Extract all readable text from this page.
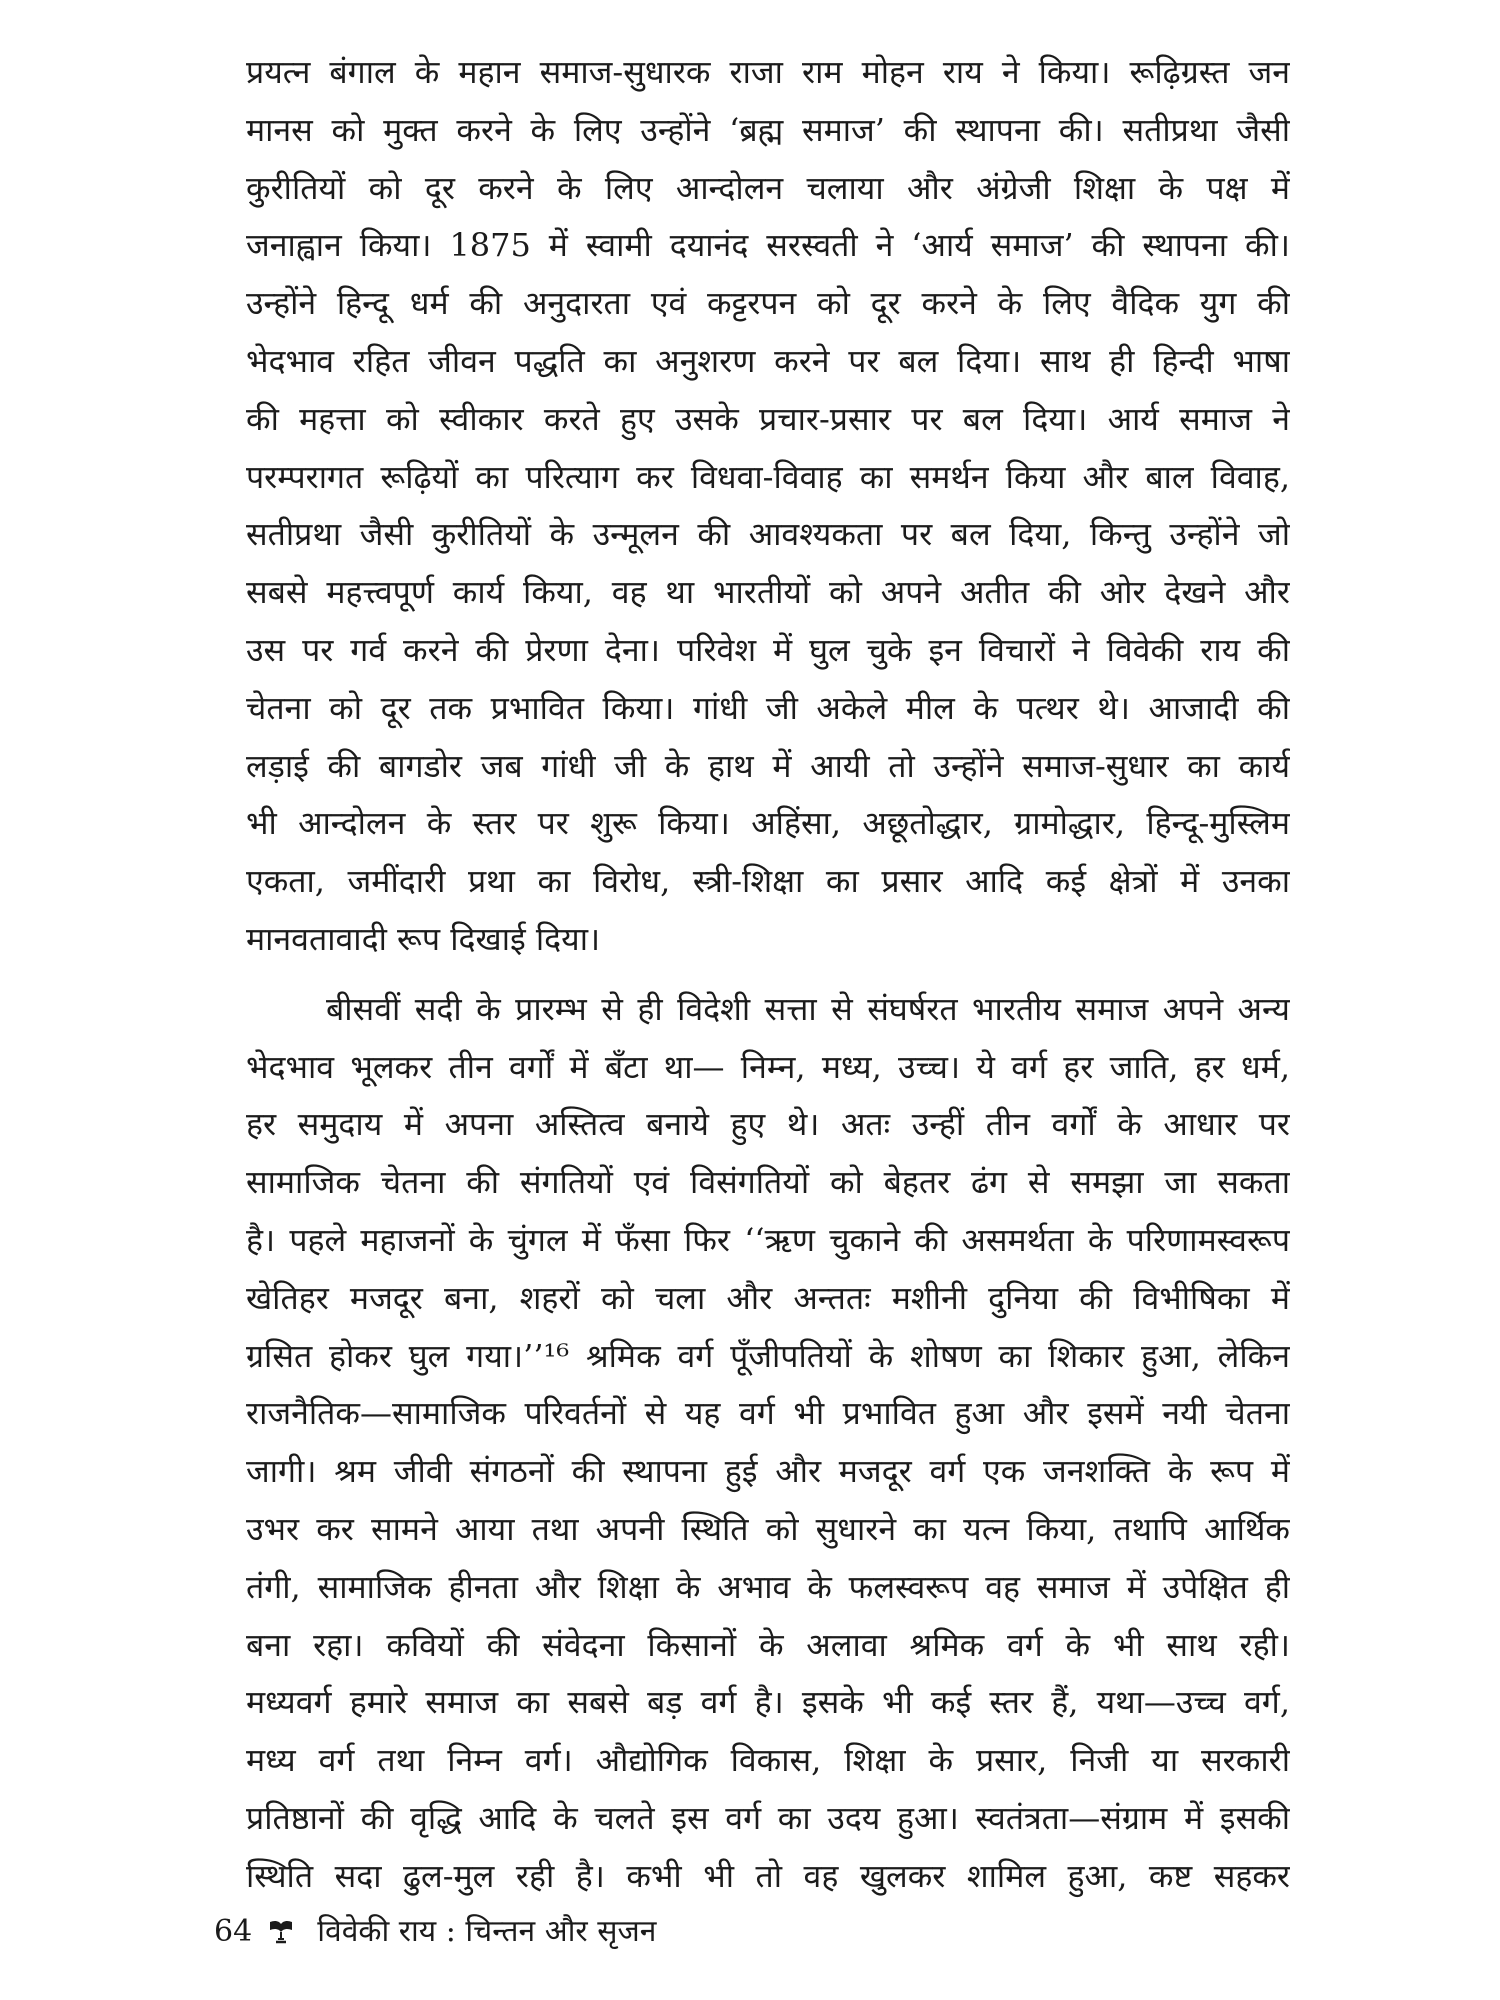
प्रयत्न बंगाल के महान समाज-सुधारक राजा राम मोहन राय ने किया। रूढ़िग्रस्त जन
मानस को मुक्त करने के लिए उन्होंने ‘ब्रह्म समाज’ की स्थापना की। सतीप्रथा जैसी
कुरीतियों को दूर करने के लिए आन्दोलन चलाया और अंग्रेजी शिक्षा के पक्ष में
जनाह्वान किया। 1875 में स्वामी दयानंद सरस्वती ने ‘आर्य समाज’ की स्थापना की।
उन्होंने हिन्दू धर्म की अनुदारता एवं कट्टरपन को दूर करने के लिए वैदिक युग की
भेदभाव रहित जीवन पद्धति का अनुशरण करने पर बल दिया। साथ ही हिन्दी भाषा
की महत्ता को स्वीकार करते हुए उसके प्रचार-प्रसार पर बल दिया। आर्य समाज ने
परम्परागत रूढ़ियों का परित्याग कर विधवा-विवाह का समर्थन किया और बाल विवाह,
सतीप्रथा जैसी कुरीतियों के उन्मूलन की आवश्यकता पर बल दिया, किन्तु उन्होंने जो
सबसे महत्त्वपूर्ण कार्य किया, वह था भारतीयों को अपने अतीत की ओर देखने और
उस पर गर्व करने की प्रेरणा देना। परिवेश में घुल चुके इन विचारों ने विवेकी राय की
चेतना को दूर तक प्रभावित किया। गांधी जी अकेले मील के पत्थर थे। आजादी की
लड़ाई की बागडोर जब गांधी जी के हाथ में आयी तो उन्होंने समाज-सुधार का कार्य
भी आन्दोलन के स्तर पर शुरू किया। अहिंसा, अछूतोद्धार, ग्रामोद्धार, हिन्दू-मुस्लिम
एकता, जमींदारी प्रथा का विरोध, स्त्री-शिक्षा का प्रसार आदि कई क्षेत्रों में उनका
मानवतावादी रूप दिखाई दिया।
बीसवीं सदी के प्रारम्भ से ही विदेशी सत्ता से संघर्षरत भारतीय समाज अपने अन्य
भेदभाव भूलकर तीन वर्गों में बँटा था— निम्न, मध्य, उच्च। ये वर्ग हर जाति, हर धर्म,
हर समुदाय में अपना अस्तित्व बनाये हुए थे। अतः उन्हीं तीन वर्गों के आधार पर
सामाजिक चेतना की संगतियों एवं विसंगतियों को बेहतर ढंग से समझा जा सकता
है। पहले महाजनों के चुंगल में फँसा फिर ‘‘ऋण चुकाने की असमर्थता के परिणामस्वरूप
खेतिहर मजदूर बना, शहरों को चला और अन्ततः मशीनी दुनिया की विभीषिका में
ग्रसित होकर घुल गया।’’¹⁶ श्रमिक वर्ग पूँजीपतियों के शोषण का शिकार हुआ, लेकिन
राजनैतिक—सामाजिक परिवर्तनों से यह वर्ग भी प्रभावित हुआ और इसमें नयी चेतना
जागी। श्रम जीवी संगठनों की स्थापना हुई और मजदूर वर्ग एक जनशक्ति के रूप में
उभर कर सामने आया तथा अपनी स्थिति को सुधारने का यत्न किया, तथापि आर्थिक
तंगी, सामाजिक हीनता और शिक्षा के अभाव के फलस्वरूप वह समाज में उपेक्षित ही
बना रहा। कवियों की संवेदना किसानों के अलावा श्रमिक वर्ग के भी साथ रही।
मध्यवर्ग हमारे समाज का सबसे बड़ वर्ग है। इसके भी कई स्तर हैं, यथा—उच्च वर्ग,
मध्य वर्ग तथा निम्न वर्ग। औद्योगिक विकास, शिक्षा के प्रसार, निजी या सरकारी
प्रतिष्ठानों की वृद्धि आदि के चलते इस वर्ग का उदय हुआ। स्वतंत्रता—संग्राम में इसकी
स्थिति सदा ढुल-मुल रही है। कभी भी तो वह खुलकर शामिल हुआ, कष्ट सहकर
64 विवेकी राय : चिन्तन और सृजन
